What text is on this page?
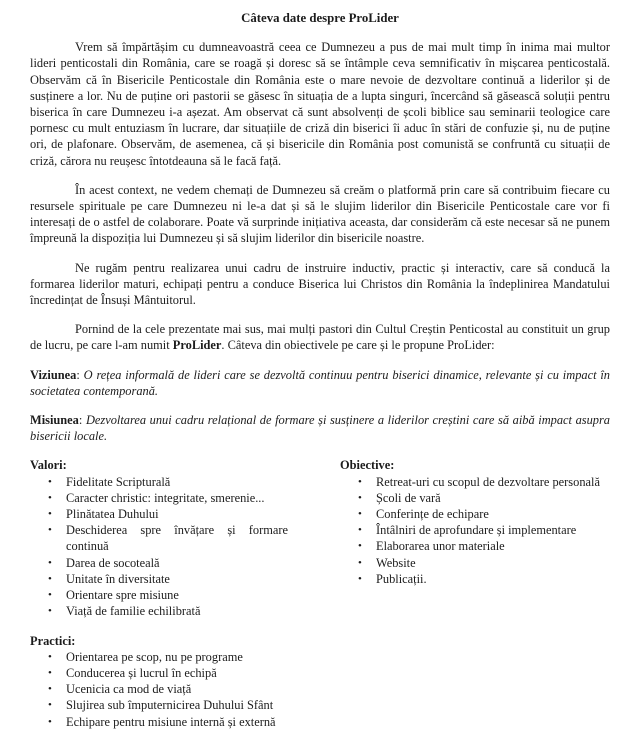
Câteva date despre ProLider

Vrem să împărtășim cu dumneavoastră ceea ce Dumnezeu a pus de mai mult timp în inima mai multor lideri penticostali din România, care se roagă și doresc să se întâmple ceva semnificativ în mișcarea penticostală. Observăm că în Bisericile Penticostale din România este o mare nevoie de dezvoltare continuă a liderilor și de susținere a lor. Nu de puține ori pastorii se găsesc în situația de a lupta singuri, încercând să găsească soluții pentru biserica în care Dumnezeu i-a așezat. Am observat că sunt absolvenți de școli biblice sau seminarii teologice care pornesc cu mult entuziasm în lucrare, dar situațiile de criză din biserici îi aduc în stări de confuzie și, nu de puține ori, de plafonare. Observăm, de asemenea, că și bisericile din România post comunistă se confruntă cu situații de criză, cărora nu reușesc întotdeauna să le facă față.

În acest context, ne vedem chemați de Dumnezeu să creăm o platformă prin care să contribuim fiecare cu resursele spirituale pe care Dumnezeu ni le-a dat și să le slujim liderilor din Bisericile Penticostale care vor fi interesați de o astfel de colaborare. Poate vă surprinde inițiativa aceasta, dar considerăm că este necesar să ne punem împreună la dispoziția lui Dumnezeu și să slujim liderilor din bisericile noastre.

Ne rugăm pentru realizarea unui cadru de instruire inductiv, practic și interactiv, care să conducă la formarea liderilor maturi, echipați pentru a conduce Biserica lui Christos din România la îndeplinirea Mandatului încredințat de Însuși Mântuitorul.

Pornind de la cele prezentate mai sus, mai mulți pastori din Cultul Creștin Penticostal au constituit un grup de lucru, pe care l-am numit ProLider. Câteva din obiectivele pe care și le propune ProLider:

Viziunea: O rețea informală de lideri care se dezvoltă continuu pentru biserici dinamice, relevante și cu impact în societatea contemporană.

Misiunea: Dezvoltarea unui cadru relațional de formare și susținere a liderilor creștini care să aibă impact asupra bisericii locale.

Valori:
• Fidelitate Scripturală
• Caracter christic: integritate, smerenie...
• Plinătatea Duhului
• Deschiderea spre învățare și formare continuă
• Darea de socoteală
• Unitate în diversitate
• Orientare spre misiune
• Viață de familie echilibrată
Obiective:
• Retreat-uri cu scopul de dezvoltare personală
• Școli de vară
• Conferințe de echipare
• Întâlniri de aprofundare și implementare
• Elaborarea unor materiale
• Website
• Publicații.
Practici:
• Orientarea pe scop, nu pe programe
• Conducerea și lucrul în echipă
• Ucenicia ca mod de viață
• Slujirea sub împuternicirea Duhului Sfânt
• Echipare pentru misiune internă și externă
